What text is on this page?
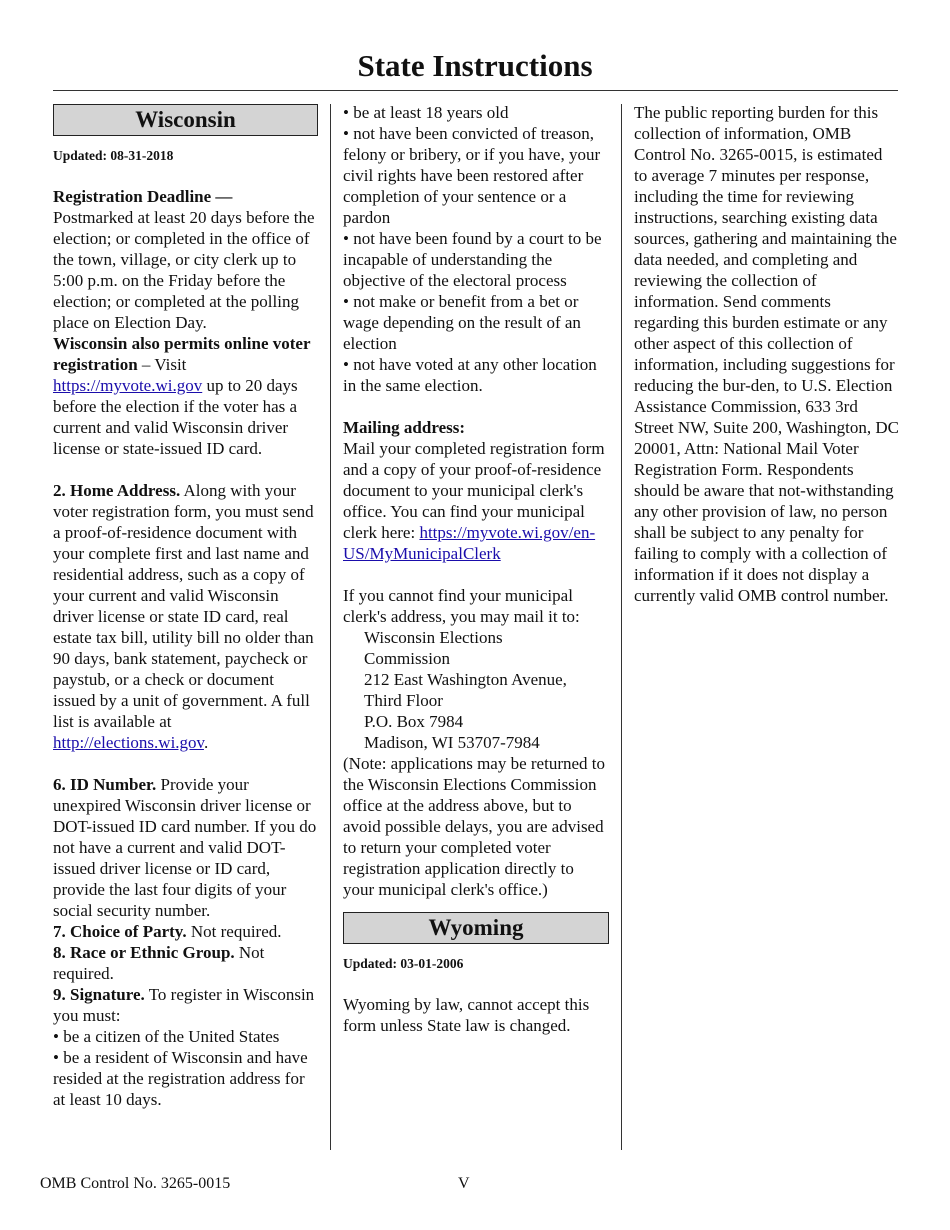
State Instructions
Wisconsin
Updated: 08-31-2018

Registration Deadline —

Postmarked at least 20 days before the election; or completed in the office of the town, village, or city clerk up to 5:00 p.m. on the Friday before the election; or completed at the polling place on Election Day.

Wisconsin also permits online voter registration – Visit https://myvote.wi.gov up to 20 days before the election if the voter has a current and valid Wisconsin driver license or state-issued ID card.

2. Home Address. Along with your voter registration form, you must send a proof-of-residence document with your complete first and last name and residential address, such as a copy of your current and valid Wisconsin driver license or state ID card, real estate tax bill, utility bill no older than 90 days, bank statement, paycheck or paystub, or a check or document issued by a unit of government. A full list is available at http://elections.wi.gov.

6. ID Number. Provide your unexpired Wisconsin driver license or DOT-issued ID card number. If you do not have a current and valid DOT-issued driver license or ID card, provide the last four digits of your social security number.

7. Choice of Party. Not required.

8. Race or Ethnic Group. Not required.

9. Signature. To register in Wisconsin you must:

• be a citizen of the United States

• be a resident of Wisconsin and have resided at the registration address for at least 10 days.

• be at least 18 years old

• not have been convicted of treason, felony or bribery, or if you have, your civil rights have been restored after completion of your sentence or a pardon

• not have been found by a court to be incapable of understanding the objective of the electoral process

• not make or benefit from a bet or wage depending on the result of an election

• not have voted at any other location in the same election.

Mailing address:

Mail your completed registration form and a copy of your proof-of-residence document to your municipal clerk's office. You can find your municipal clerk here: https://myvote.wi.gov/en-US/MyMunicipalClerk

If you cannot find your municipal clerk's address, you may mail it to:

Wisconsin Elections

Commission

212 East Washington Avenue,

Third Floor

P.O. Box 7984

Madison, WI 53707-7984

(Note: applications may be returned to the Wisconsin Elections Commission office at the address above, but to avoid possible delays, you are advised to return your completed voter registration application directly to your municipal clerk's office.)

Wyoming
Updated: 03-01-2006

Wyoming by law, cannot accept this form unless State law is changed.

The public reporting burden for this collection of information, OMB Control No. 3265-0015, is estimated to average 7 minutes per response, including the time for reviewing instructions, searching existing data sources, gathering and maintaining the data needed, and completing and reviewing the collection of information. Send comments regarding this burden estimate or any other aspect of this collection of information, including suggestions for reducing the bur-den, to U.S. Election Assistance Commission, 633 3rd Street NW, Suite 200, Washington, DC 20001, Attn: National Mail Voter Registration Form. Respondents should be aware that not-withstanding any other provision of law, no person shall be subject to any penalty for failing to comply with a collection of information if it does not display a currently valid OMB control number.

OMB Control No. 3265-0015	V
